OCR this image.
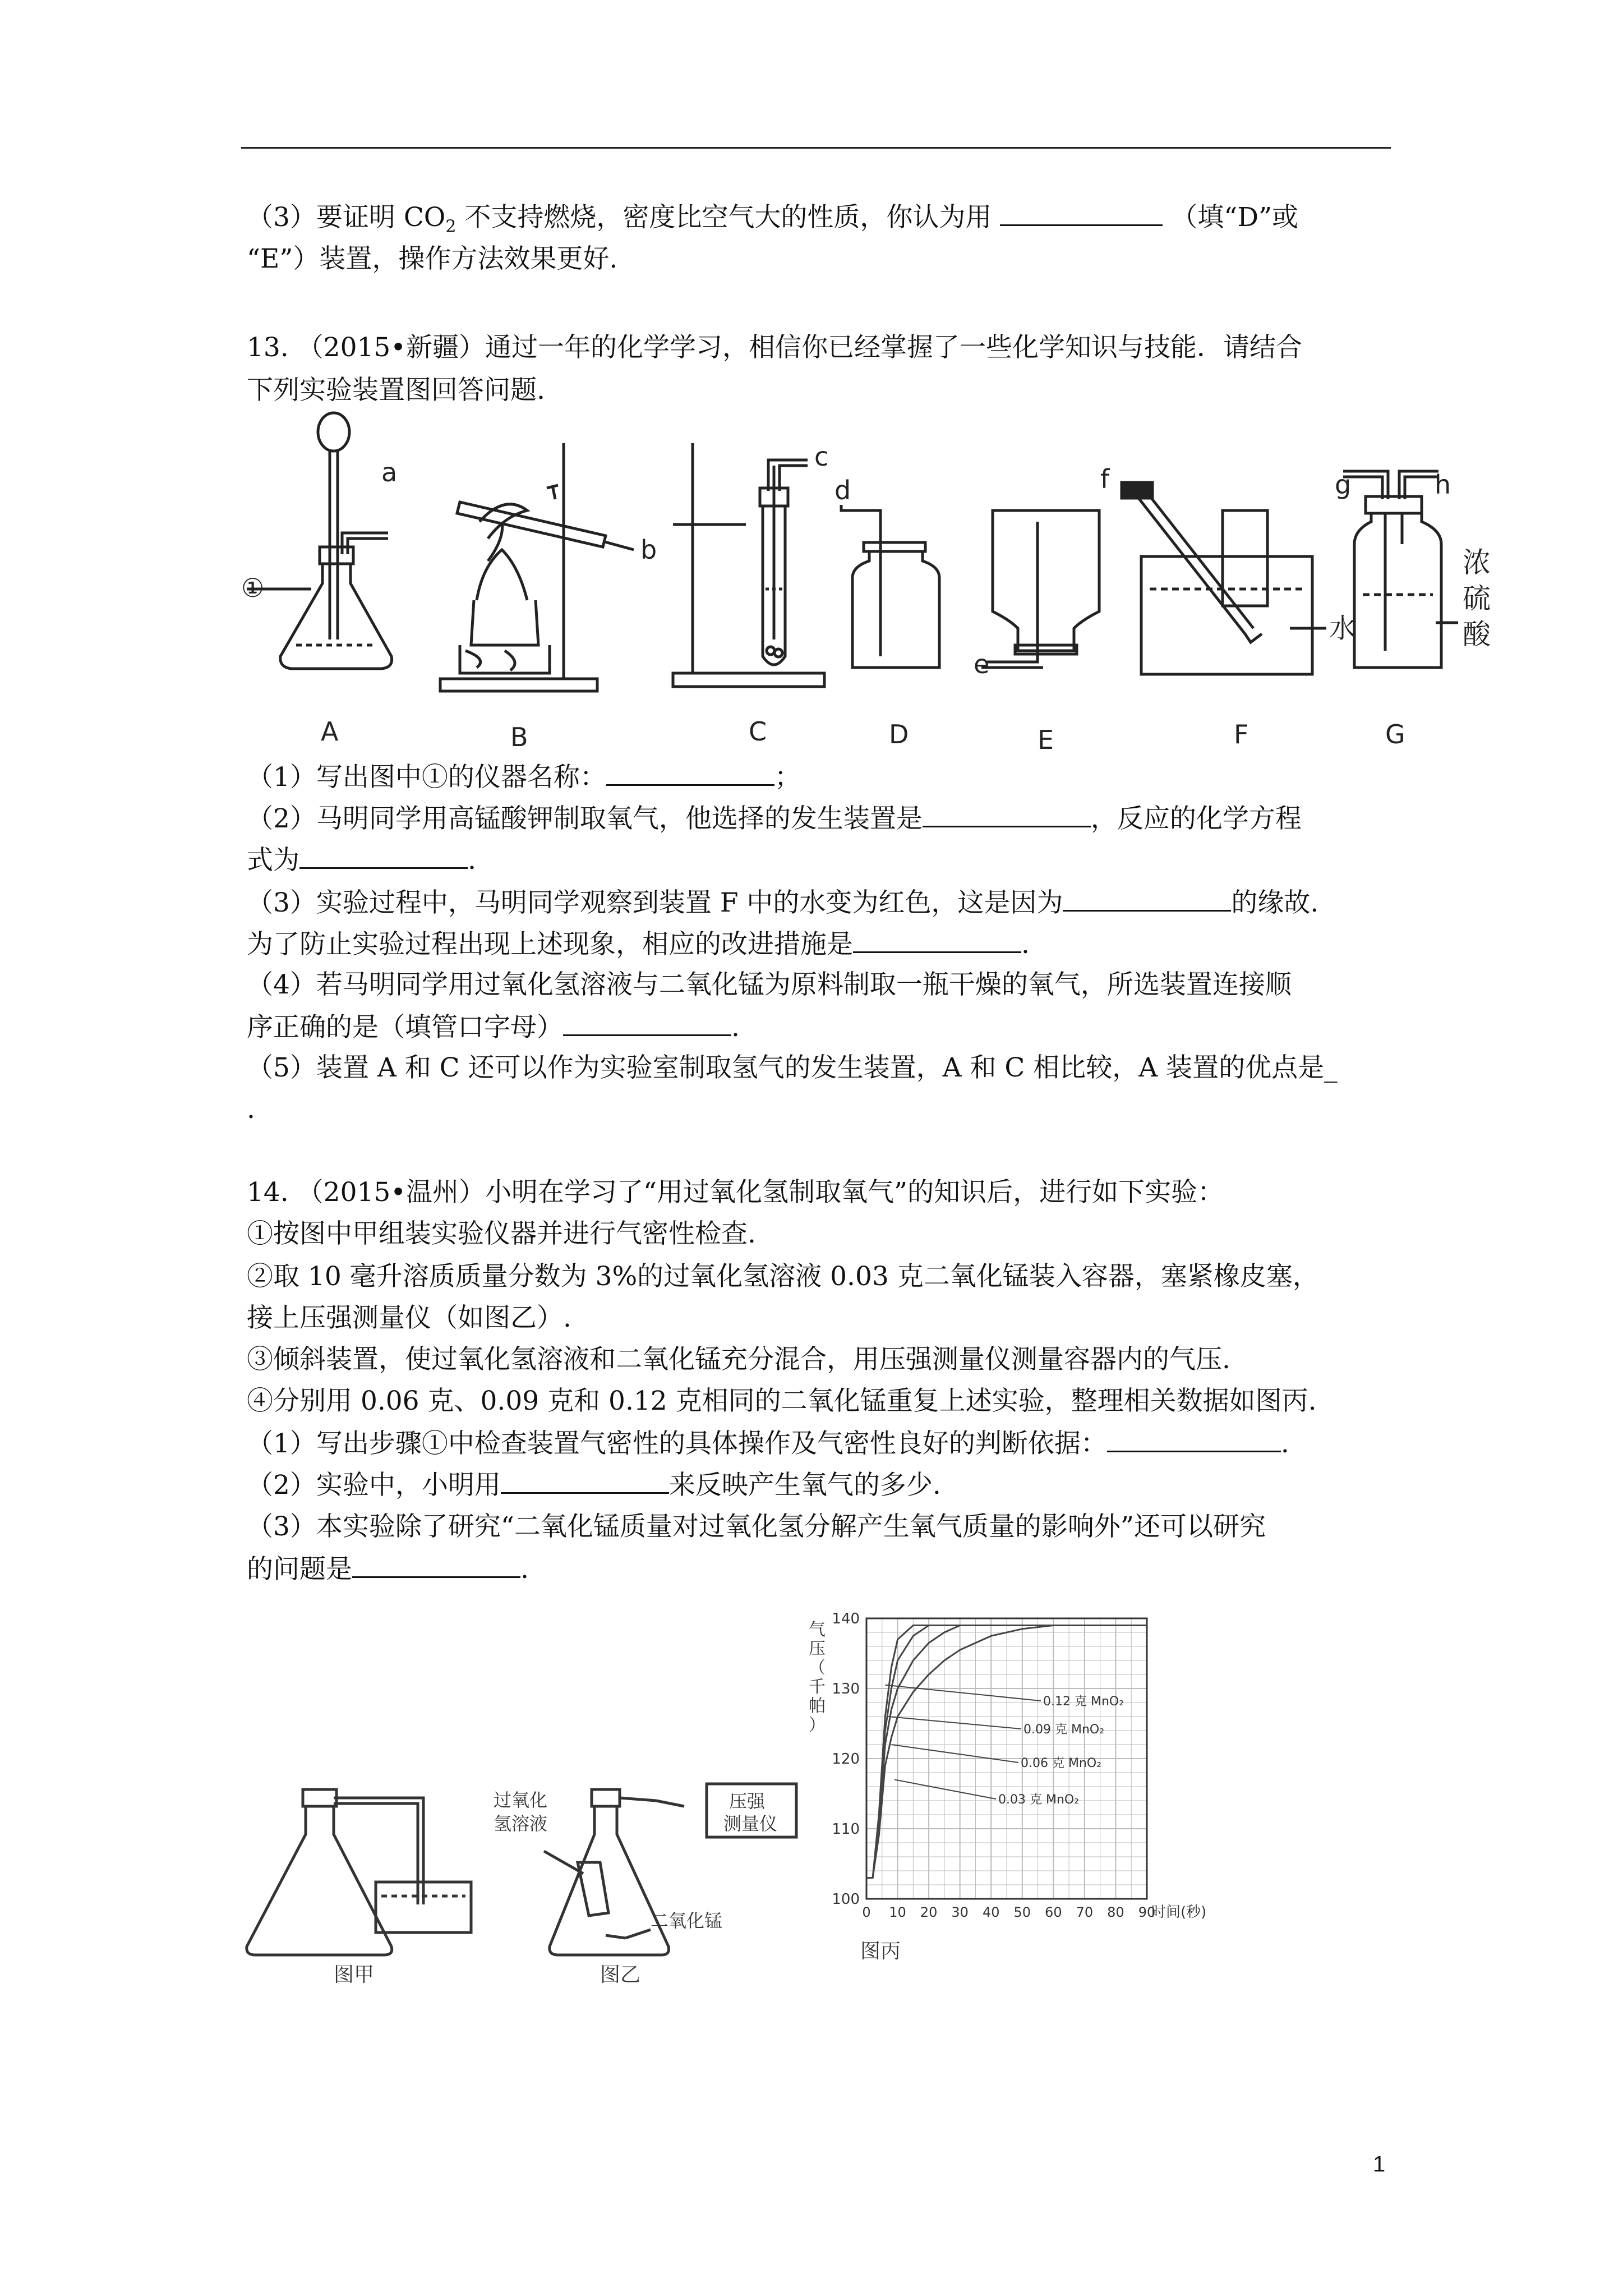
（3）要证明 $CO_2$ 不支持燃烧，密度比空气大的性质，你认为用	（填“D”或
“E”）装置，操作方法效果更好.
13. （2015•新疆）通过一年的化学学习，相信你已经掌握了一些化学知识与技能．请结合
下列实验装置图回答问题.
①
a
b
c
d
e
f	g	h
水
浓
硫
酸
A	B	C	D	E	F	G
（1）写出图中①的仪器名称：	；
（2）马明同学用高锰酸钾制取氧气，他选择的发生装置是	，反应的化学方程
式为	.
（3）实验过程中，马明同学观察到装置 F 中的水变为红色，这是因为	的缘故.
为了防止实验过程出现上述现象，相应的改进措施是	.
（4）若马明同学用过氧化氢溶液与二氧化锰为原料制取一瓶干燥的氧气，所选装置连接顺
序正确的是（填管口字母）	.
（5）装置 A 和 C 还可以作为实验室制取氢气的发生装置，A 和 C 相比较，A 装置的优点是_
.
14. （2015•温州）小明在学习了“用过氧化氢制取氧气”的知识后，进行如下实验：
①按图中甲组装实验仪器并进行气密性检查.
②取 10 毫升溶质质量分数为 3%的过氧化氢溶液 0.03 克二氧化锰装入容器，塞紧橡皮塞，
接上压强测量仪（如图乙）.
③倾斜装置，使过氧化氢溶液和二氧化锰充分混合，用压强测量仪测量容器内的气压.
④分别用 0.06 克、0.09 克和 0.12 克相同的二氧化锰重复上述实验，整理相关数据如图丙.
（1）写出步骤①中检查装置气密性的具体操作及气密性良好的判断依据：	.
（2）实验中，小明用	来反映产生氧气的多少.
（3）本实验除了研究“二氧化锰质量对过氧化氢分解产生氧气质量的影响外”还可以研究
的问题是	.
图甲
过氧化
氢溶液
二氧化锰
压强
测量仪
图乙
0 10 20 30 40 50 60 70 80 90
100
110
120
130
140
时间(秒)
气
压
（
千
帕
）
0.12 克 MnO₂
0.09 克 MnO₂
0.06 克 MnO₂
0.03 克 MnO₂
图丙
1
